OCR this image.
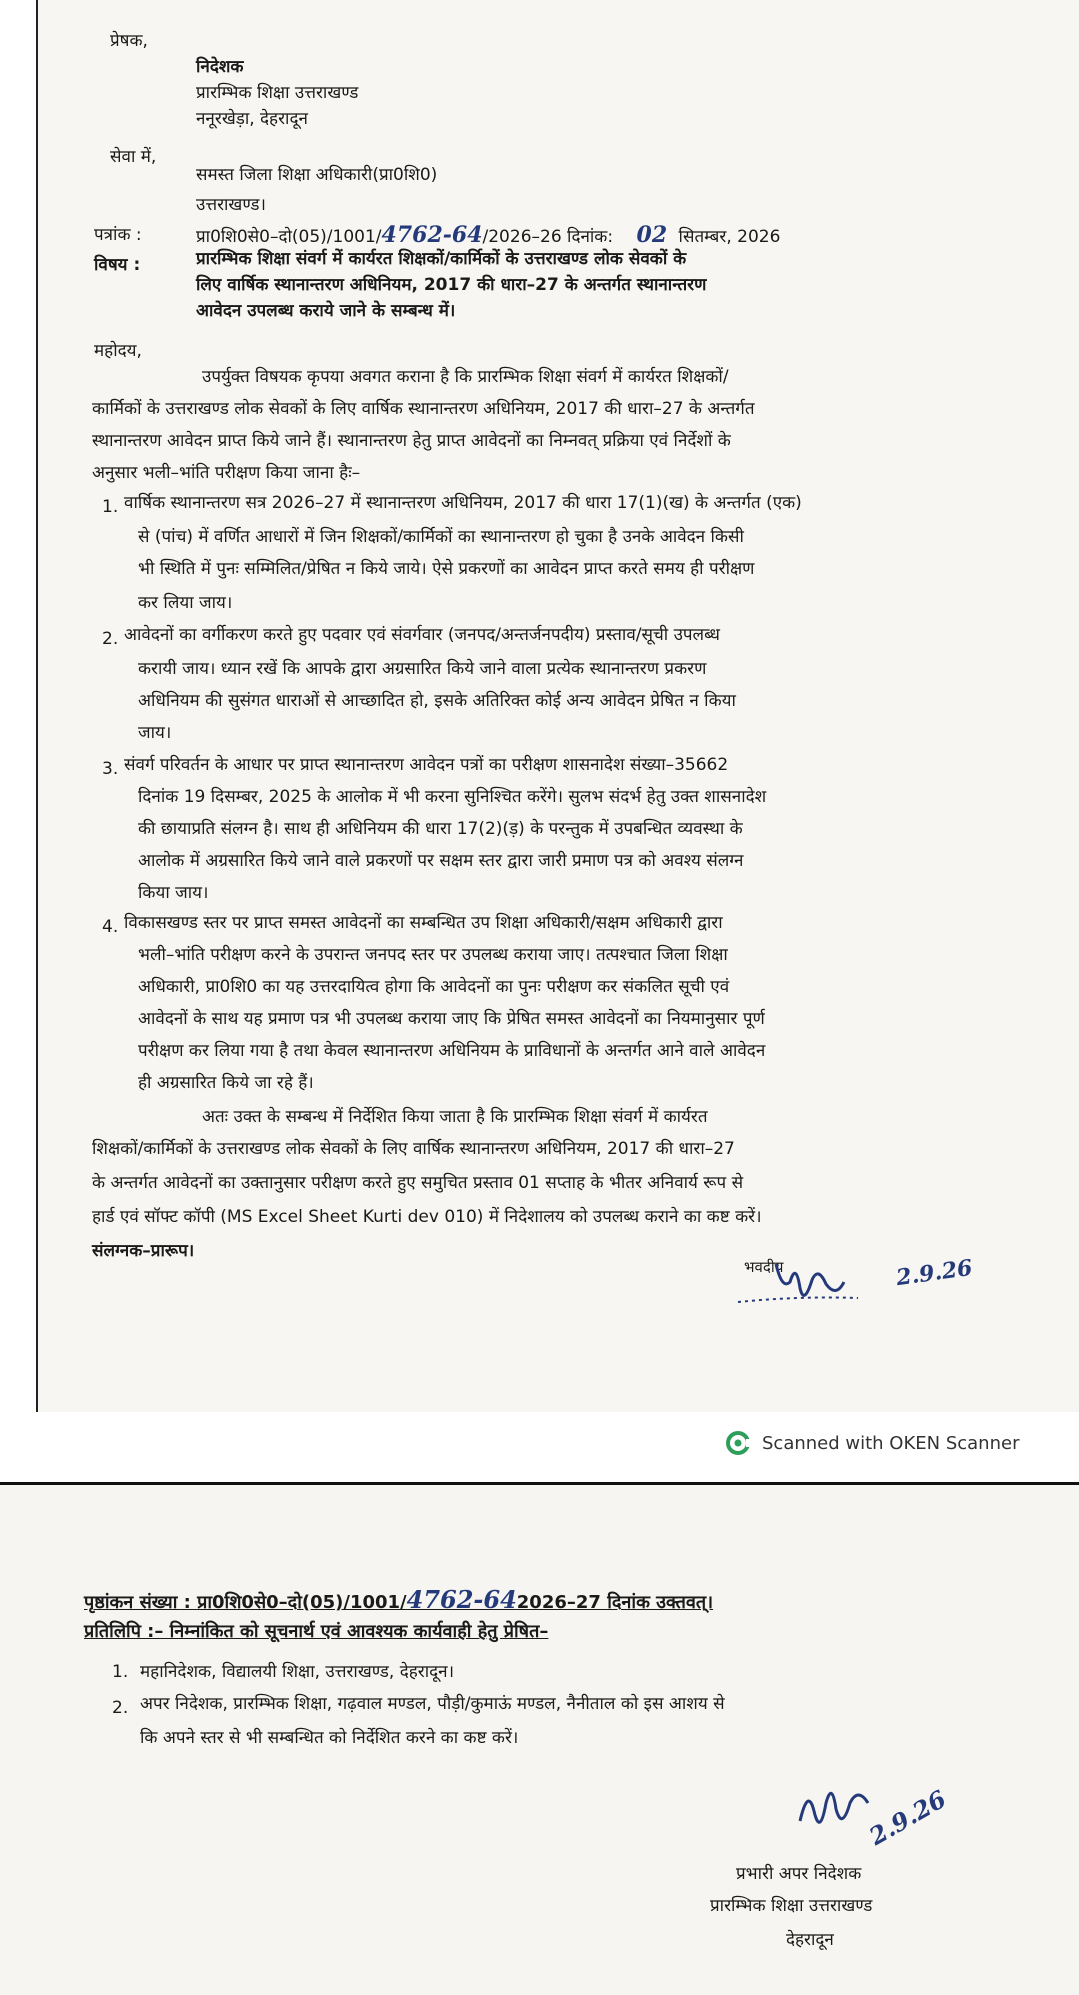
प्रेषक,
निदेशक
प्रारम्भिक शिक्षा उत्तराखण्ड
ननूरखेड़ा, देहरादून
सेवा में,
समस्त जिला शिक्षा अधिकारी(प्रा0शि0)
उत्तराखण्ड।
पत्रांक :	प्रा0शि0से0–दो(05)/1001/4762-64/2026–26 दिनांक: 02 सितम्बर, 2026
विषय :	प्रारम्भिक शिक्षा संवर्ग में कार्यरत शिक्षकों/कार्मिकों के उत्तराखण्ड लोक सेवकों के
लिए वार्षिक स्थानान्तरण अधिनियम, 2017 की धारा–27 के अन्तर्गत स्थानान्तरण
आवेदन उपलब्ध कराये जाने के सम्बन्ध में।
महोदय,
उपर्युक्त विषयक कृपया अवगत कराना है कि प्रारम्भिक शिक्षा संवर्ग में कार्यरत शिक्षकों/
कार्मिकों के उत्तराखण्ड लोक सेवकों के लिए वार्षिक स्थानान्तरण अधिनियम, 2017 की धारा–27 के अन्तर्गत
स्थानान्तरण आवेदन प्राप्त किये जाने हैं। स्थानान्तरण हेतु प्राप्त आवेदनों का निम्नवत् प्रक्रिया एवं निर्देशों के
अनुसार भली–भांति परीक्षण किया जाना हैः–
1. वार्षिक स्थानान्तरण सत्र 2026–27 में स्थानान्तरण अधिनियम, 2017 की धारा 17(1)(ख) के अन्तर्गत (एक)
से (पांच) में वर्णित आधारों में जिन शिक्षकों/कार्मिकों का स्थानान्तरण हो चुका है उनके आवेदन किसी
भी स्थिति में पुनः सम्मिलित/प्रेषित न किये जाये। ऐसे प्रकरणों का आवेदन प्राप्त करते समय ही परीक्षण
कर लिया जाय।
2. आवेदनों का वर्गीकरण करते हुए पदवार एवं संवर्गवार (जनपद/अन्तर्जनपदीय) प्रस्ताव/सूची उपलब्ध
करायी जाय। ध्यान रखें कि आपके द्वारा अग्रसारित किये जाने वाला प्रत्येक स्थानान्तरण प्रकरण
अधिनियम की सुसंगत धाराओं से आच्छादित हो, इसके अतिरिक्त कोई अन्य आवेदन प्रेषित न किया
जाय।
3. संवर्ग परिवर्तन के आधार पर प्राप्त स्थानान्तरण आवेदन पत्रों का परीक्षण शासनादेश संख्या–35662
दिनांक 19 दिसम्बर, 2025 के आलोक में भी करना सुनिश्चित करेंगे। सुलभ संदर्भ हेतु उक्त शासनादेश
की छायाप्रति संलग्न है। साथ ही अधिनियम की धारा 17(2)(ड़) के परन्तुक में उपबन्धित व्यवस्था के
आलोक में अग्रसारित किये जाने वाले प्रकरणों पर सक्षम स्तर द्वारा जारी प्रमाण पत्र को अवश्य संलग्न
किया जाय।
4. विकासखण्ड स्तर पर प्राप्त समस्त आवेदनों का सम्बन्धित उप शिक्षा अधिकारी/सक्षम अधिकारी द्वारा
भली–भांति परीक्षण करने के उपरान्त जनपद स्तर पर उपलब्ध कराया जाए। तत्पश्चात जिला शिक्षा
अधिकारी, प्रा0शि0 का यह उत्तरदायित्व होगा कि आवेदनों का पुनः परीक्षण कर संकलित सूची एवं
आवेदनों के साथ यह प्रमाण पत्र भी उपलब्ध कराया जाए कि प्रेषित समस्त आवेदनों का नियमानुसार पूर्ण
परीक्षण कर लिया गया है तथा केवल स्थानान्तरण अधिनियम के प्राविधानों के अन्तर्गत आने वाले आवेदन
ही अग्रसारित किये जा रहे हैं।
अतः उक्त के सम्बन्ध में निर्देशित किया जाता है कि प्रारम्भिक शिक्षा संवर्ग में कार्यरत
शिक्षकों/कार्मिकों के उत्तराखण्ड लोक सेवकों के लिए वार्षिक स्थानान्तरण अधिनियम, 2017 की धारा–27
के अन्तर्गत आवेदनों का उक्तानुसार परीक्षण करते हुए समुचित प्रस्ताव 01 सप्ताह के भीतर अनिवार्य रूप से
हार्ड एवं सॉफ्ट कॉपी (MS Excel Sheet Kurti dev 010) में निदेशालय को उपलब्ध कराने का कष्ट करें।
संलग्नक–प्रारूप।
भवदीय	2.9.26
Scanned with OKEN Scanner
पृष्ठांकन संख्या : प्रा0शि0से0–दो(05)/1001/4762-642026–27 दिनांक उक्तवत्।
प्रतिलिपि :– निम्नांकित को सूचनार्थ एवं आवश्यक कार्यवाही हेतु प्रेषित–
1. महानिदेशक, विद्यालयी शिक्षा, उत्तराखण्ड, देहरादून।
2. अपर निदेशक, प्रारम्भिक शिक्षा, गढ़वाल मण्डल, पौड़ी/कुमाऊं मण्डल, नैनीताल को इस आशय से
कि अपने स्तर से भी सम्बन्धित को निर्देशित करने का कष्ट करें।
2.9.26
प्रभारी अपर निदेशक
प्रारम्भिक शिक्षा उत्तराखण्ड
देहरादून
